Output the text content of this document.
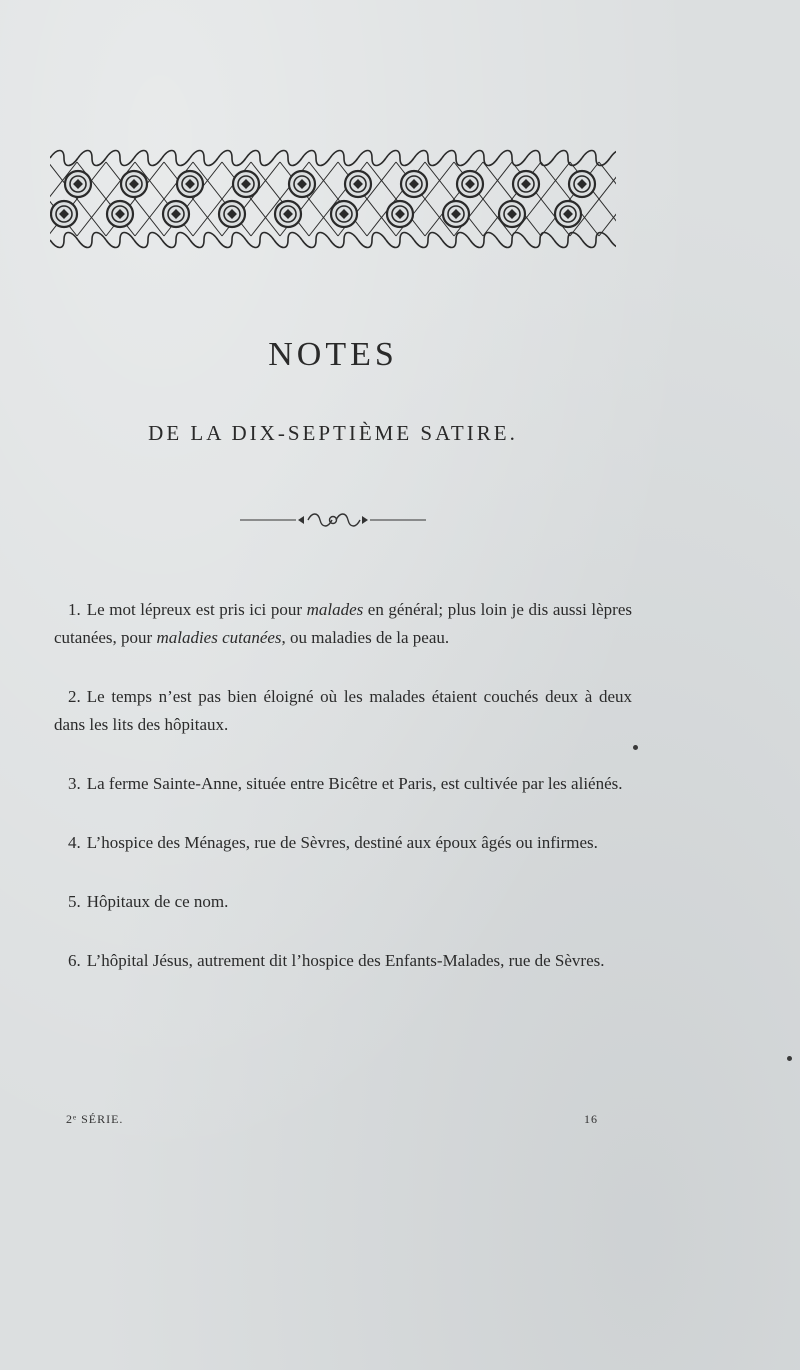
NOTES
DE LA DIX-SEPTIÈME SATIRE.

1. Le mot lépreux est pris ici pour malades en général; plus loin je dis aussi lèpres cutanées, pour maladies cutanées, ou maladies de la peau.

2. Le temps n’est pas bien éloigné où les malades étaient couchés deux à deux dans les lits des hôpitaux.

3. La ferme Sainte-Anne, située entre Bicêtre et Paris, est cultivée par les aliénés.

4. L’hospice des Ménages, rue de Sèvres, destiné aux époux âgés ou infirmes.

5. Hôpitaux de ce nom.

6. L’hôpital Jésus, autrement dit l’hospice des Enfants-Malades, rue de Sèvres.

2ᵉ SÉRIE.	16
